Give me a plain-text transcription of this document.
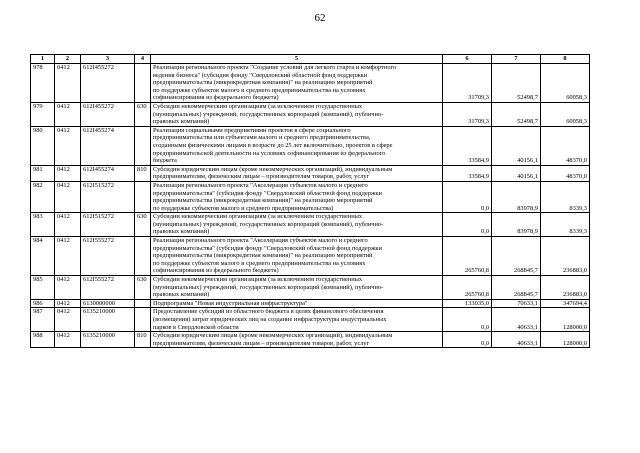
62
1	2	3	4	5	6	7	8
978	0412	612I455272		Реализация регионального проекта "Создание условий для легкого старта и комфортного
ведения бизнеса" (субсидия фонду "Свердловский областной фонд поддержки
предпринимательства (микрокредитная компания)" на реализацию мероприятий
по поддержке субъектов малого и среднего предпринимательства на условиях
софинансирования из федерального бюджета)	31709,3	52498,7	60058,3
979	0412	612I455272	630	Субсидии некоммерческим организациям (за исключением государственных
(муниципальных) учреждений, государственных корпораций (компаний), публично-
правовых компаний)	31709,3	52498,7	60058,3
980	0412	612I455274		Реализация социальными предприятиями проектов в сфере социального
предпринимательства или субъектами малого и среднего предпринимательства,
созданными физическими лицами в возрасте до 25 лет включительно, проектов в сфере
предпринимательской деятельности на условиях софинансирования из федерального
бюджета	33584,9	40156,1	48370,0
981	0412	612I455274	810	Субсидии юридическим лицам (кроме некоммерческих организаций), индивидуальным
предпринимателям, физическим лицам – производителям товаров, работ, услуг	33584,9	40156,1	48370,0
982	0412	612I515272		Реализация регионального проекта "Акселерация субъектов малого и среднего
предпринимательства" (субсидия фонду "Свердловский областной фонд поддержки
предпринимательства (микрокредитная компания)" на реализацию мероприятий
по поддержке субъектов малого и среднего предпринимательства)	0,0	83978,9	8339,3
983	0412	612I515272	630	Субсидии некоммерческим организациям (за исключением государственных
(муниципальных) учреждений, государственных корпораций (компаний), публично-
правовых компаний)	0,0	83978,9	8339,3
984	0412	612I555272		Реализация регионального проекта "Акселерация субъектов малого и среднего
предпринимательства" (субсидия фонду "Свердловский областной фонд поддержки
предпринимательства (микрокредитная компания)" на реализацию мероприятий
по поддержке субъектов малого и среднего предпринимательства на условиях
софинансирования из федерального бюджета)	265760,8	268845,7	236883,0
985	0412	612I555272	630	Субсидии некоммерческим организациям (за исключением государственных
(муниципальных) учреждений, государственных корпораций (компаний), публично-
правовых компаний)	265760,8	268845,7	236883,0
986	0412	6130000000		Подпрограмма "Новая индустриальная инфраструктура"	133035,0	70633,1	347694,4
987	0412	6135210000		Предоставление субсидий из областного бюджета в целях финансового обеспечения
(возмещения) затрат юридических лиц на создание инфраструктуры индустриальных
парков в Свердловской области	0,0	40633,1	128000,0
988	0412	6135210000	810	Субсидии юридическим лицам (кроме некоммерческих организаций), индивидуальным
предпринимателям, физическим лицам – производителям товаров, работ, услуг	0,0	40633,1	128000,0
